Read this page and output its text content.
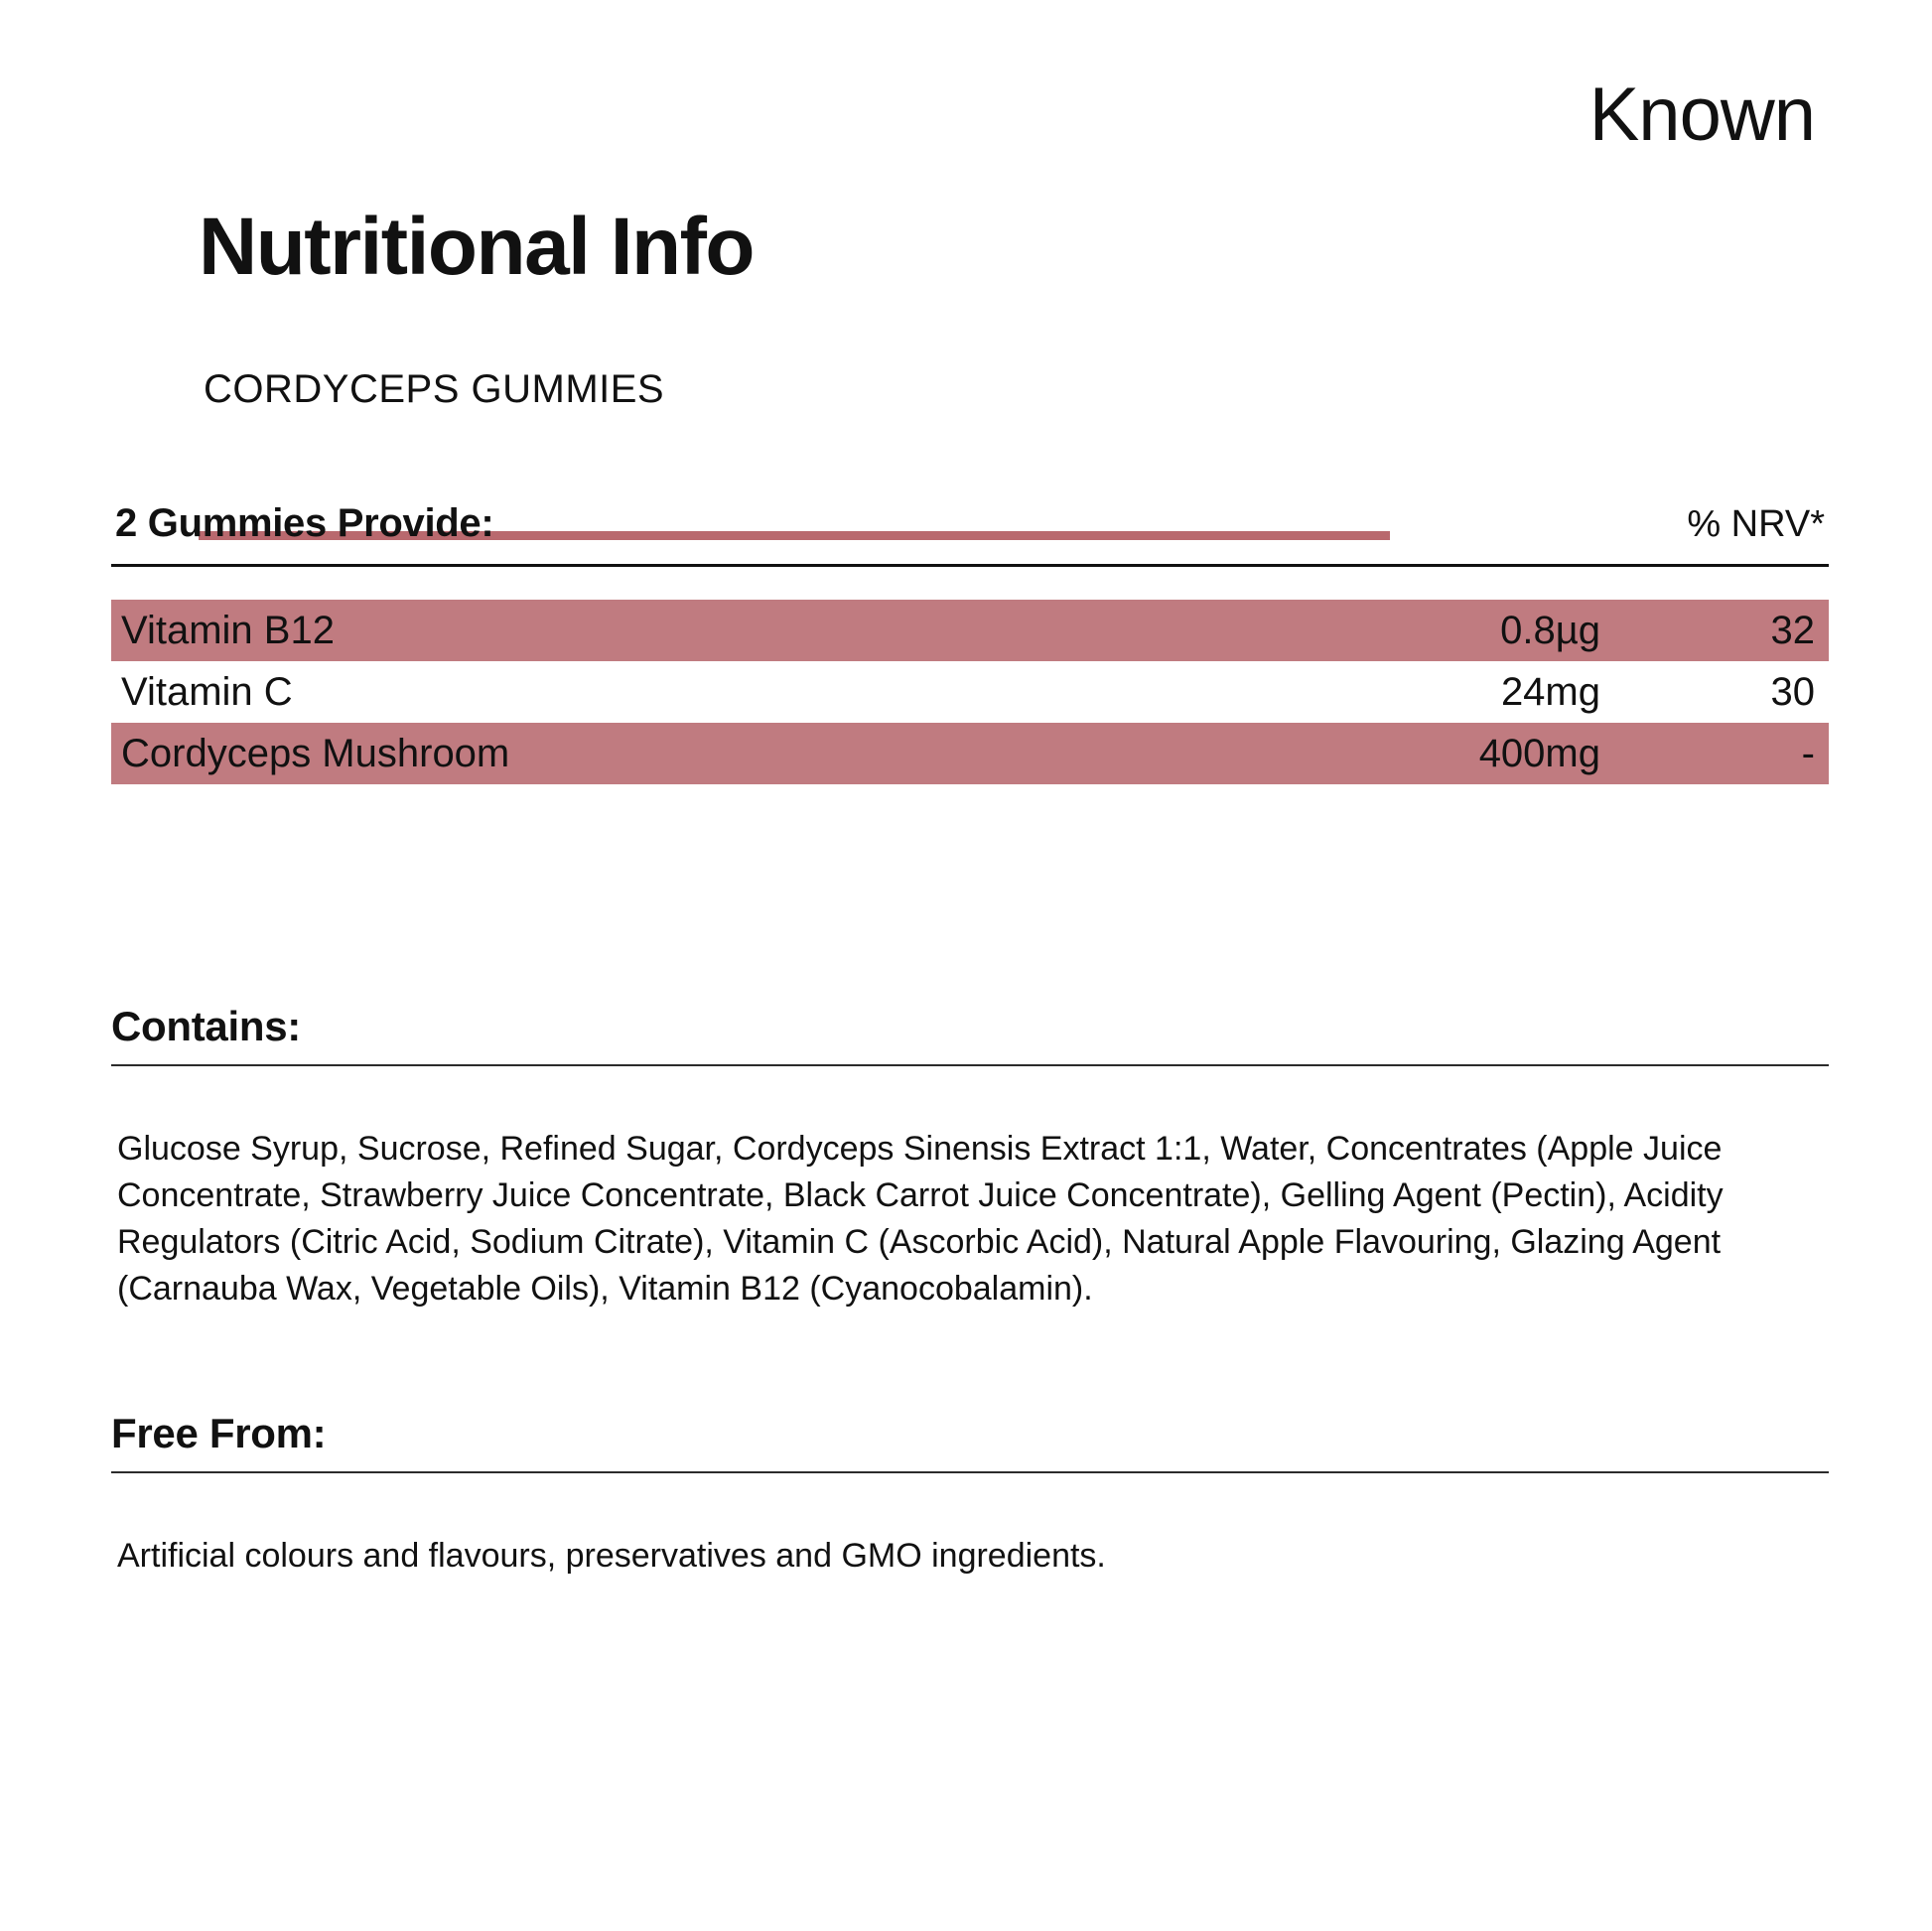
Known
Nutritional Info
CORDYCEPS GUMMIES
2 Gummies Provide:	% NRV*
Vitamin B12	0.8µg	32
Vitamin C	24mg	30
Cordyceps Mushroom	400mg	-
Contains:

Glucose Syrup, Sucrose, Refined Sugar, Cordyceps Sinensis Extract 1:1, Water, Concentrates (Apple Juice Concentrate, Strawberry Juice Concentrate, Black Carrot Juice Concentrate), Gelling Agent (Pectin), Acidity Regulators (Citric Acid, Sodium Citrate), Vitamin C (Ascorbic Acid), Natural Apple Flavouring, Glazing Agent (Carnauba Wax, Vegetable Oils), Vitamin B12 (Cyanocobalamin).

Free From:

Artificial colours and flavours, preservatives and GMO ingredients.
